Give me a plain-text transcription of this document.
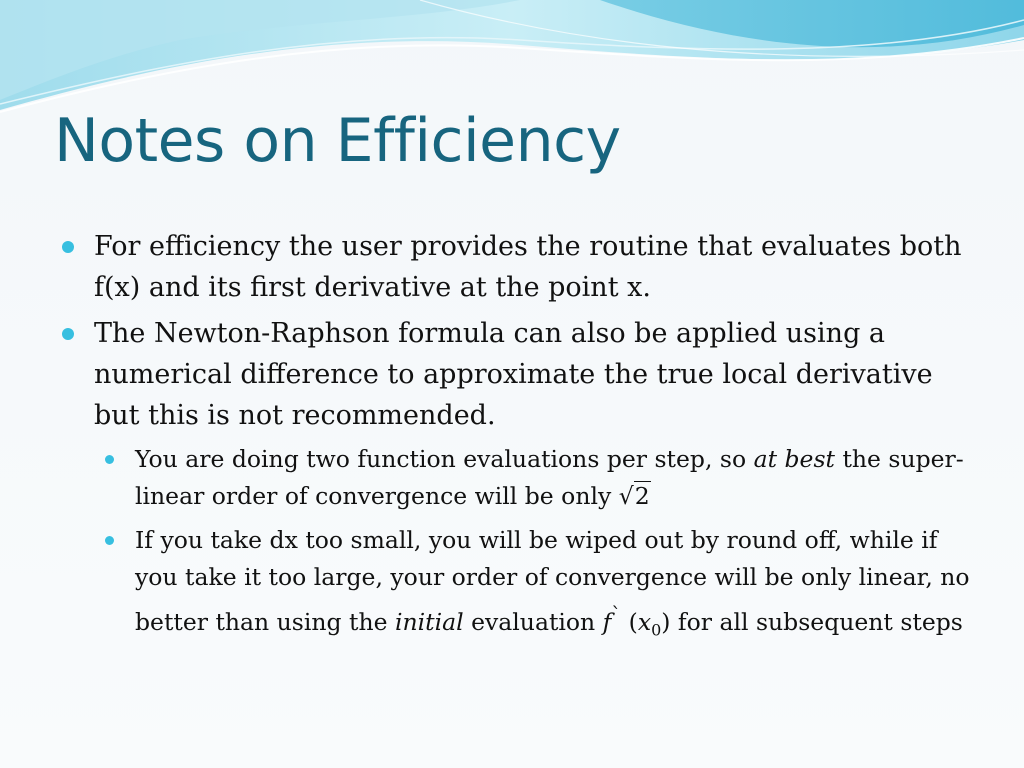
Notes on Efficiency
For efficiency the user provides the routine that evaluates both f(x) and its first derivative at the point x.
The Newton-Raphson formula can also be applied using a numerical difference to approximate the true local derivative but this is not recommended.
You are doing two function evaluations per step, so at best the super-linear order of convergence will be only √2
If you take dx too small, you will be wiped out by round off, while if you take it too large, your order of convergence will be only linear, no better than using the initial evaluation f` $(x_0)$ for all subsequent steps
